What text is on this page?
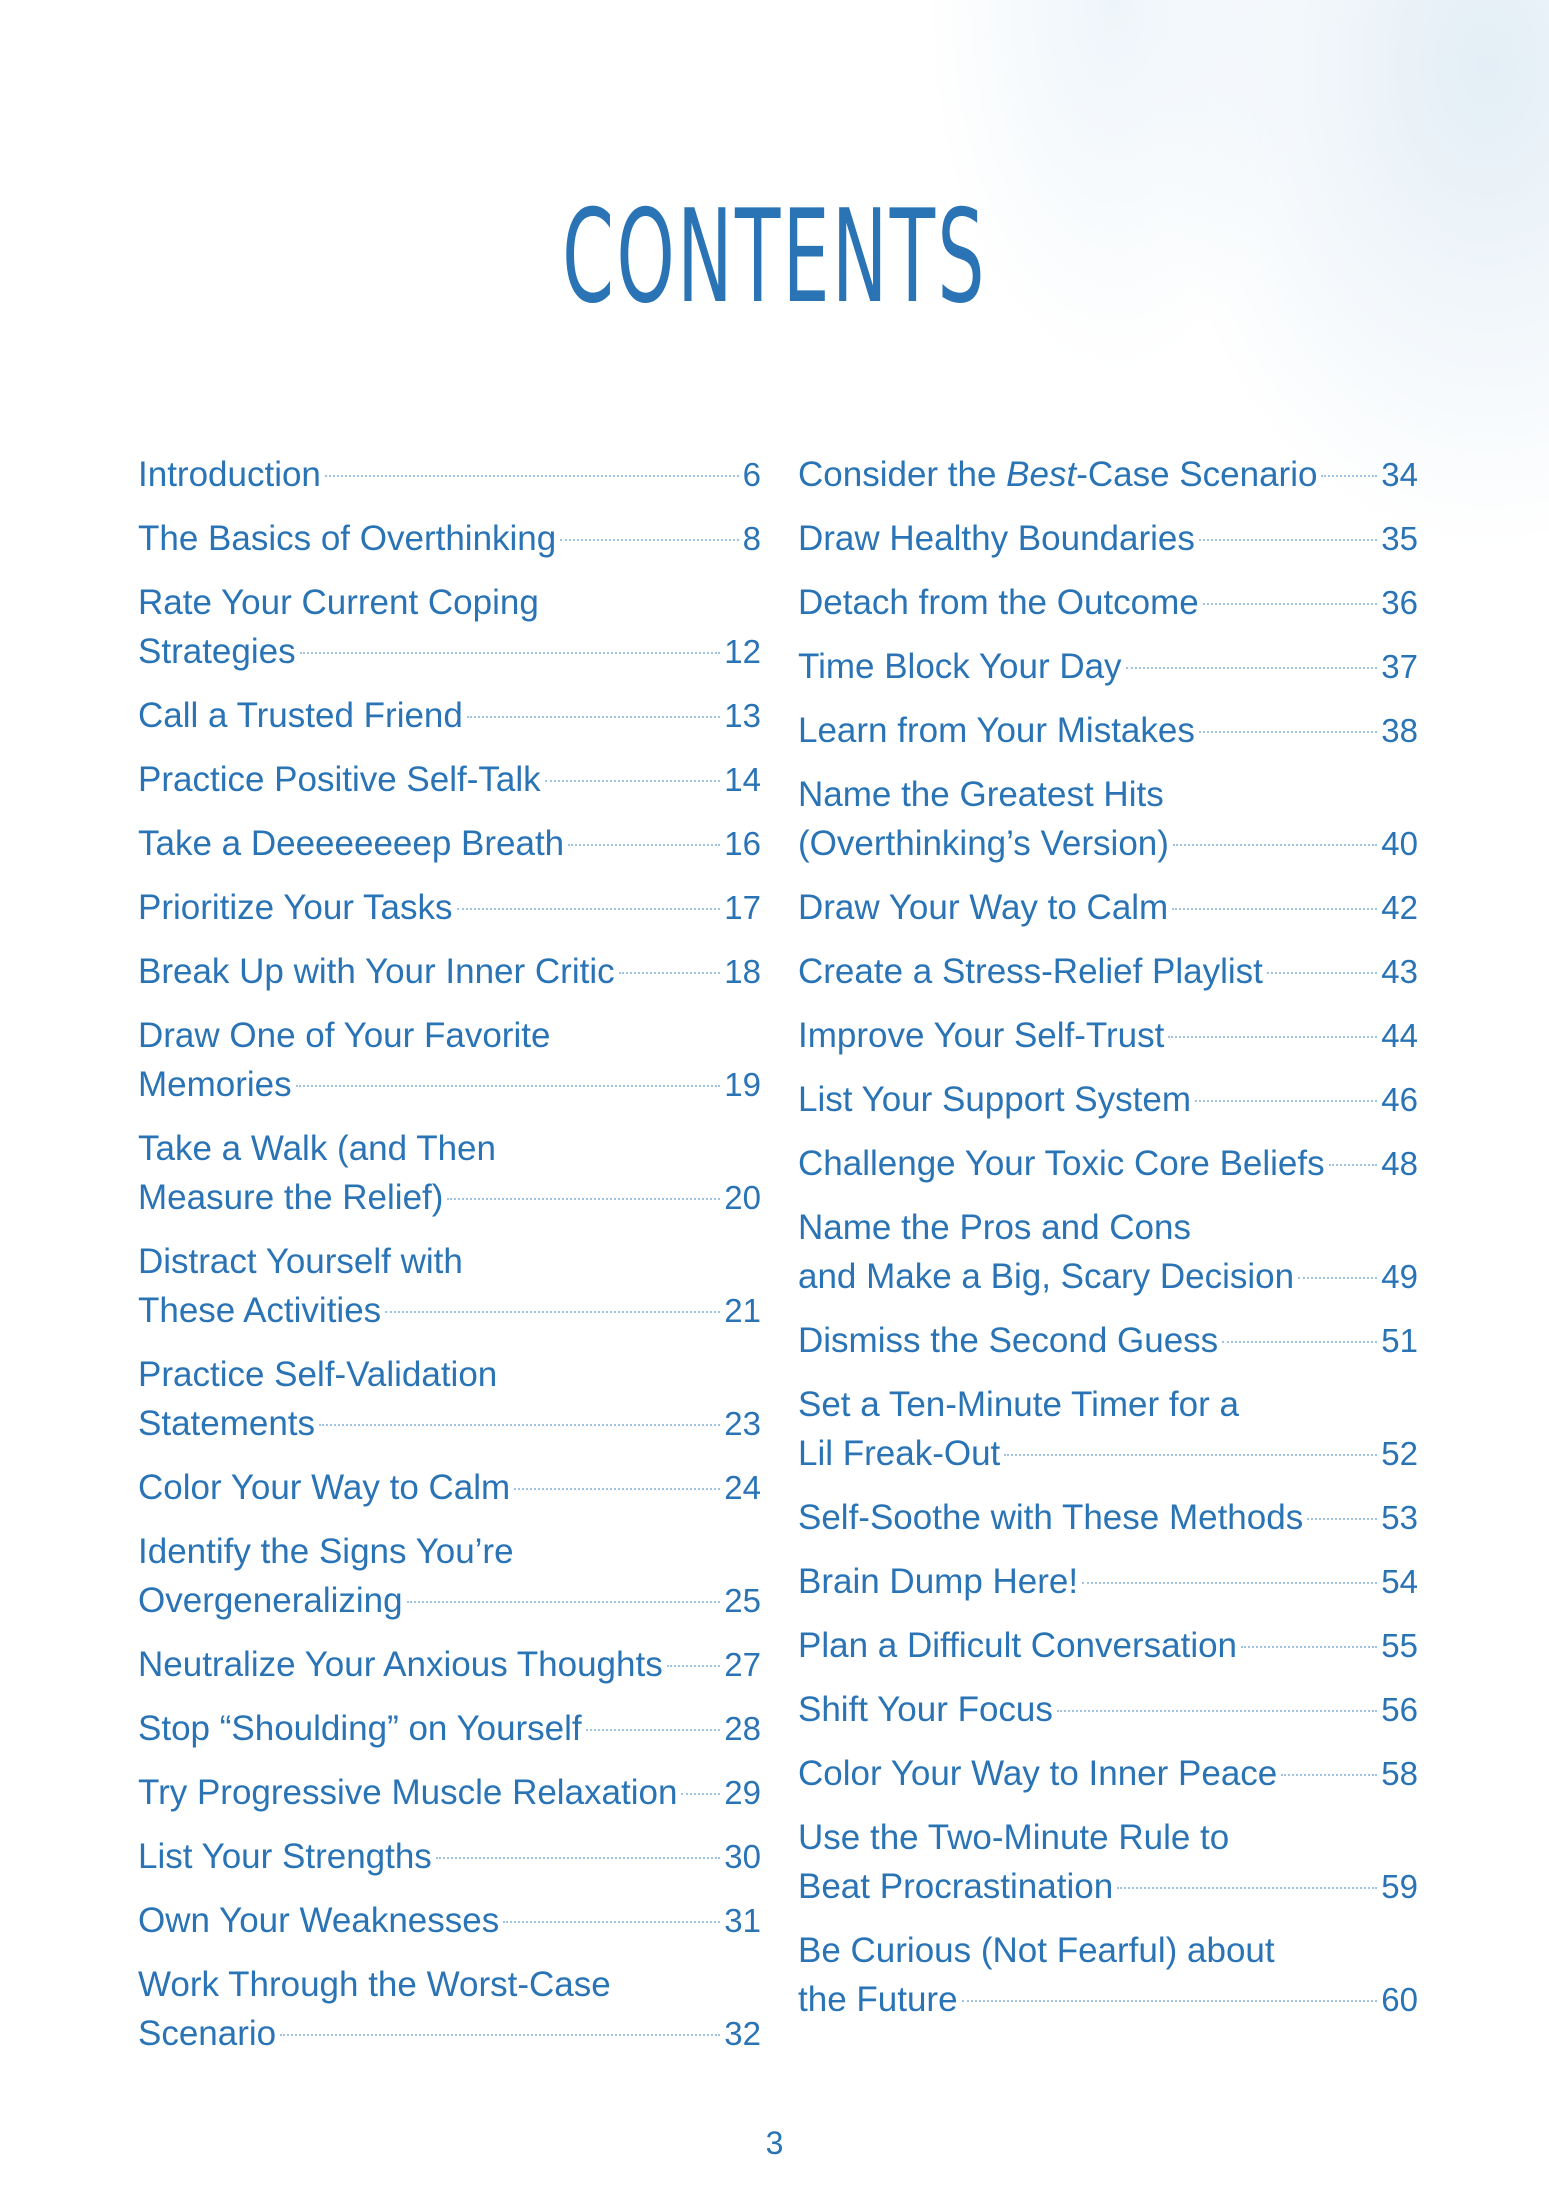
CONTENTS
Introduction	6
The Basics of Overthinking	8
Rate Your Current Coping
Strategies	12
Call a Trusted Friend	13
Practice Positive Self-Talk	14
Take a Deeeeeeeep Breath	16
Prioritize Your Tasks	17
Break Up with Your Inner Critic	18
Draw One of Your Favorite
Memories	19
Take a Walk (and Then
Measure the Relief)	20
Distract Yourself with
These Activities	21
Practice Self-Validation
Statements	23
Color Your Way to Calm	24
Identify the Signs You’re
Overgeneralizing	25
Neutralize Your Anxious Thoughts 27
Stop “Shoulding” on Yourself	28
Try Progressive Muscle Relaxation 29
List Your Strengths	30
Own Your Weaknesses	31
Work Through the Worst-Case
Scenario	32
Consider the Best-Case Scenario 34
Draw Healthy Boundaries	35
Detach from the Outcome	36
Time Block Your Day	37
Learn from Your Mistakes	38
Name the Greatest Hits
(Overthinking’s Version)	40
Draw Your Way to Calm	42
Create a Stress-Relief Playlist	43
Improve Your Self-Trust	44
List Your Support System	46
Challenge Your Toxic Core Beliefs 48
Name the Pros and Cons
and Make a Big, Scary Decision	49
Dismiss the Second Guess	51
Set a Ten-Minute Timer for a
Lil Freak-Out	52
Self-Soothe with These Methods 53
Brain Dump Here!	54
Plan a Difficult Conversation	55
Shift Your Focus	56
Color Your Way to Inner Peace	58
Use the Two-Minute Rule to
Beat Procrastination	59
Be Curious (Not Fearful) about
the Future	60
3
